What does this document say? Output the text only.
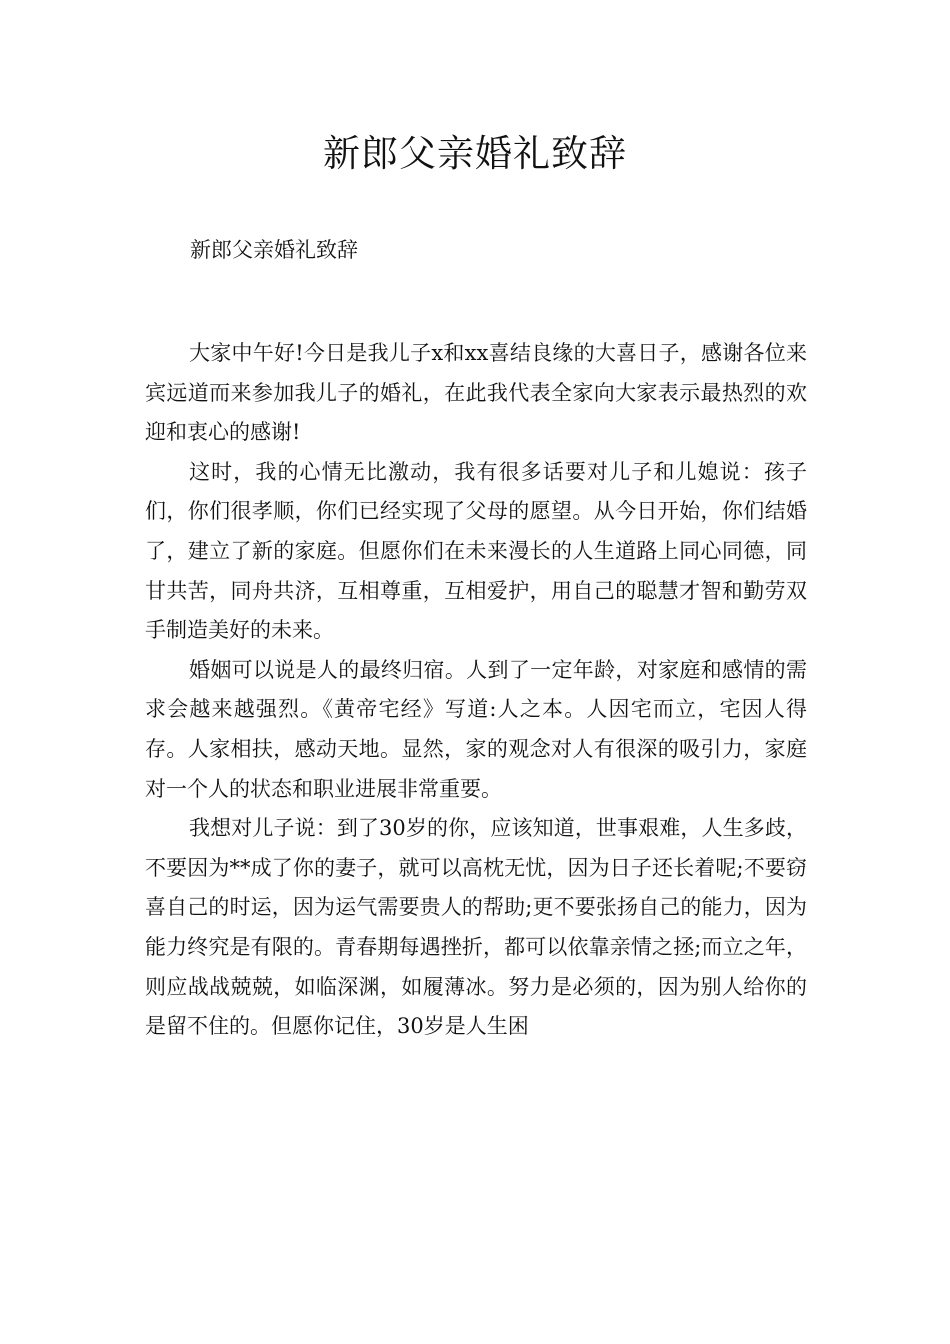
新郎父亲婚礼致辞

新郎父亲婚礼致辞

大家中午好!今日是我儿子x和xx喜结良缘的大喜日子，感谢各位来宾远道而来参加我儿子的婚礼，在此我代表全家向大家表示最热烈的欢迎和衷心的感谢!

这时，我的心情无比激动，我有很多话要对儿子和儿媳说：孩子们，你们很孝顺，你们已经实现了父母的愿望。从今日开始，你们结婚了，建立了新的家庭。但愿你们在未来漫长的人生道路上同心同德，同甘共苦，同舟共济，互相尊重，互相爱护，用自己的聪慧才智和勤劳双手制造美好的未来。

婚姻可以说是人的最终归宿。人到了一定年龄，对家庭和感情的需求会越来越强烈。《黄帝宅经》写道:人之本。人因宅而立，宅因人得存。人家相扶，感动天地。显然，家的观念对人有很深的吸引力，家庭对一个人的状态和职业进展非常重要。

我想对儿子说：到了30岁的你，应该知道，世事艰难，人生多歧，不要因为**成了你的妻子，就可以高枕无忧，因为日子还长着呢;不要窃喜自己的时运，因为运气需要贵人的帮助;更不要张扬自己的能力，因为能力终究是有限的。青春期每遇挫折，都可以依靠亲情之拯;而立之年，则应战战兢兢，如临深渊，如履薄冰。努力是必须的，因为别人给你的是留不住的。但愿你记住，30岁是人生困
